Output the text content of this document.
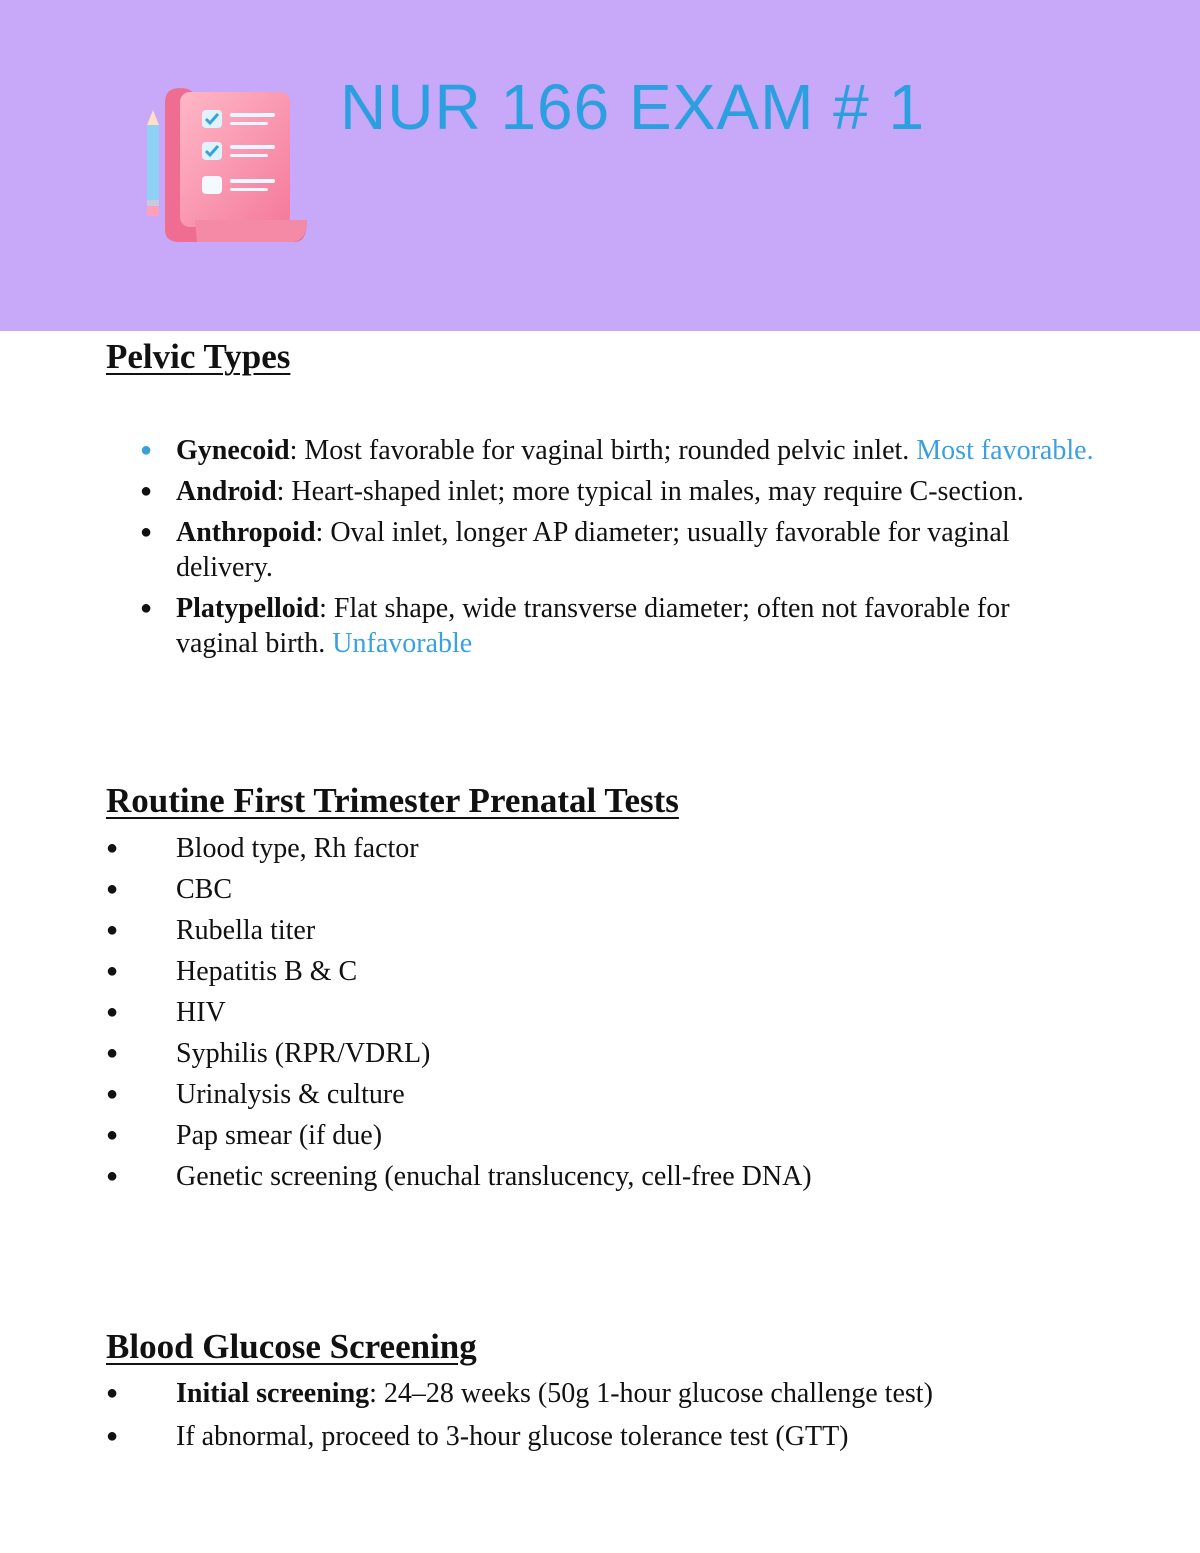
NUR 166 EXAM # 1
Pelvic Types
● Gynecoid: Most favorable for vaginal birth; rounded pelvic inlet. Most favorable.
● Android: Heart-shaped inlet; more typical in males, may require C-section.
● Anthropoid: Oval inlet, longer AP diameter; usually favorable for vaginal delivery.
● Platypelloid: Flat shape, wide transverse diameter; often not favorable for vaginal birth. Unfavorable
Routine First Trimester Prenatal Tests
●	Blood type, Rh factor
●	CBC
●	Rubella titer
●	Hepatitis B & C
●	HIV
●	Syphilis (RPR/VDRL)
●	Urinalysis & culture
●	Pap smear (if due)
●	Genetic screening (enuchal translucency, cell-free DNA)
Blood Glucose Screening
●	Initial screening: 24–28 weeks (50g 1-hour glucose challenge test)
●	If abnormal, proceed to 3-hour glucose tolerance test (GTT)
